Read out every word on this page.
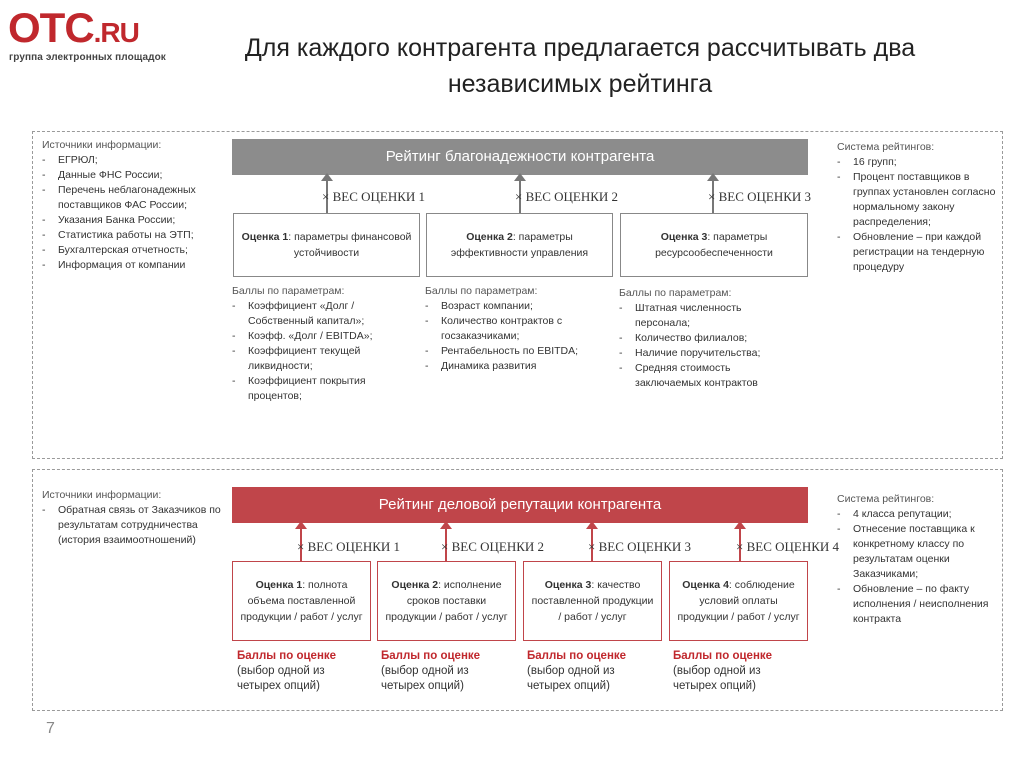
OTC.RU
группа электронных площадок	Для каждого контрагента предлагается рассчитывать два
независимых рейтинга
Источники информации:
- ЕГРЮЛ;
- Данные ФНС России;
- Перечень неблагонадежных поставщиков ФАС России;
- Указания Банка России;
- Статистика работы на ЭТП;
- Бухгалтерская отчетность;
- Информация от компании
Рейтинг благонадежности контрагента
× ВЕС ОЦЕНКИ 1	× ВЕС ОЦЕНКИ 2	× ВЕС ОЦЕНКИ 3
Оценка 1: параметры финансовой устойчивости
Оценка 2: параметры эффективности управления
Оценка 3: параметры ресурсообеспеченности
Баллы по параметрам:
- Коэффициент «Долг / Собственный капитал»;
- Коэфф. «Долг / EBITDA»;
- Коэффициент текущей ликвидности;
- Коэффициент покрытия процентов;
Баллы по параметрам:
- Возраст компании;
- Количество контрактов с госзаказчиками;
- Рентабельность по EBITDA;
- Динамика развития
Баллы по параметрам:
- Штатная численность персонала;
- Количество филиалов;
- Наличие поручительства;
- Средняя стоимость заключаемых контрактов
Система рейтингов:
- 16 групп;
- Процент поставщиков в группах установлен согласно нормальному закону распределения;
- Обновление – при каждой регистрации на тендерную процедуру
Источники информации:
- Обратная связь от Заказчиков по результатам сотрудничества (история взаимоотношений)
Рейтинг деловой репутации контрагента
× ВЕС ОЦЕНКИ 1	× ВЕС ОЦЕНКИ 2	× ВЕС ОЦЕНКИ 3	× ВЕС ОЦЕНКИ 4
Оценка 1: полнота объема поставленной продукции / работ / услуг
Оценка 2: исполнение сроков поставки продукции / работ / услуг
Оценка 3: качество поставленной продукции / работ / услуг
Оценка 4: соблюдение условий оплаты продукции / работ / услуг
Баллы по оценке
(выбор одной из четырех опций)
Баллы по оценке
(выбор одной из четырех опций)
Баллы по оценке
(выбор одной из четырех опций)
Баллы по оценке
(выбор одной из четырех опций)
Система рейтингов:
- 4 класса репутации;
- Отнесение поставщика к конкретному классу по результатам оценки Заказчиками;
- Обновление – по факту исполнения / неисполнения контракта
7
